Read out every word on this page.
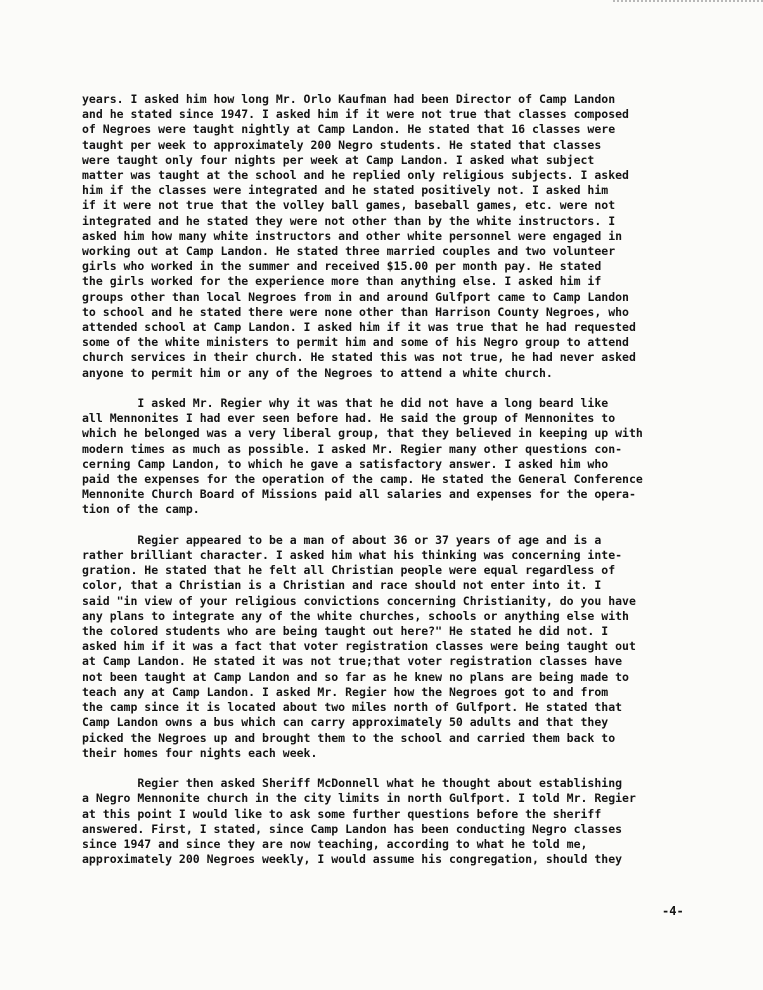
years. I asked him how long Mr. Orlo Kaufman had been Director of Camp Landon
and he stated since 1947. I asked him if it were not true that classes composed
of Negroes were taught nightly at Camp Landon. He stated that 16 classes were
taught per week to approximately 200 Negro students. He stated that classes
were taught only four nights per week at Camp Landon. I asked what subject
matter was taught at the school and he replied only religious subjects. I asked
him if the classes were integrated and he stated positively not. I asked him
if it were not true that the volley ball games, baseball games, etc. were not
integrated and he stated they were not other than by the white instructors. I
asked him how many white instructors and other white personnel were engaged in
working out at Camp Landon. He stated three married couples and two volunteer
girls who worked in the summer and received $15.00 per month pay. He stated
the girls worked for the experience more than anything else. I asked him if
groups other than local Negroes from in and around Gulfport came to Camp Landon
to school and he stated there were none other than Harrison County Negroes, who
attended school at Camp Landon. I asked him if it was true that he had requested
some of the white ministers to permit him and some of his Negro group to attend
church services in their church. He stated this was not true, he had never asked
anyone to permit him or any of the Negroes to attend a white church.

I asked Mr. Regier why it was that he did not have a long beard like
all Mennonites I had ever seen before had. He said the group of Mennonites to
which he belonged was a very liberal group, that they believed in keeping up with
modern times as much as possible. I asked Mr. Regier many other questions con-
cerning Camp Landon, to which he gave a satisfactory answer. I asked him who
paid the expenses for the operation of the camp. He stated the General Conference
Mennonite Church Board of Missions paid all salaries and expenses for the opera-
tion of the camp.

Regier appeared to be a man of about 36 or 37 years of age and is a
rather brilliant character. I asked him what his thinking was concerning inte-
gration. He stated that he felt all Christian people were equal regardless of
color, that a Christian is a Christian and race should not enter into it. I
said "in view of your religious convictions concerning Christianity, do you have
any plans to integrate any of the white churches, schools or anything else with
the colored students who are being taught out here?" He stated he did not. I
asked him if it was a fact that voter registration classes were being taught out
at Camp Landon. He stated it was not true;that voter registration classes have
not been taught at Camp Landon and so far as he knew no plans are being made to
teach any at Camp Landon. I asked Mr. Regier how the Negroes got to and from
the camp since it is located about two miles north of Gulfport. He stated that
Camp Landon owns a bus which can carry approximately 50 adults and that they
picked the Negroes up and brought them to the school and carried them back to
their homes four nights each week.

Regier then asked Sheriff McDonnell what he thought about establishing
a Negro Mennonite church in the city limits in north Gulfport. I told Mr. Regier
at this point I would like to ask some further questions before the sheriff
answered. First, I stated, since Camp Landon has been conducting Negro classes
since 1947 and since they are now teaching, according to what he told me,
approximately 200 Negroes weekly, I would assume his congregation, should they

-4-
